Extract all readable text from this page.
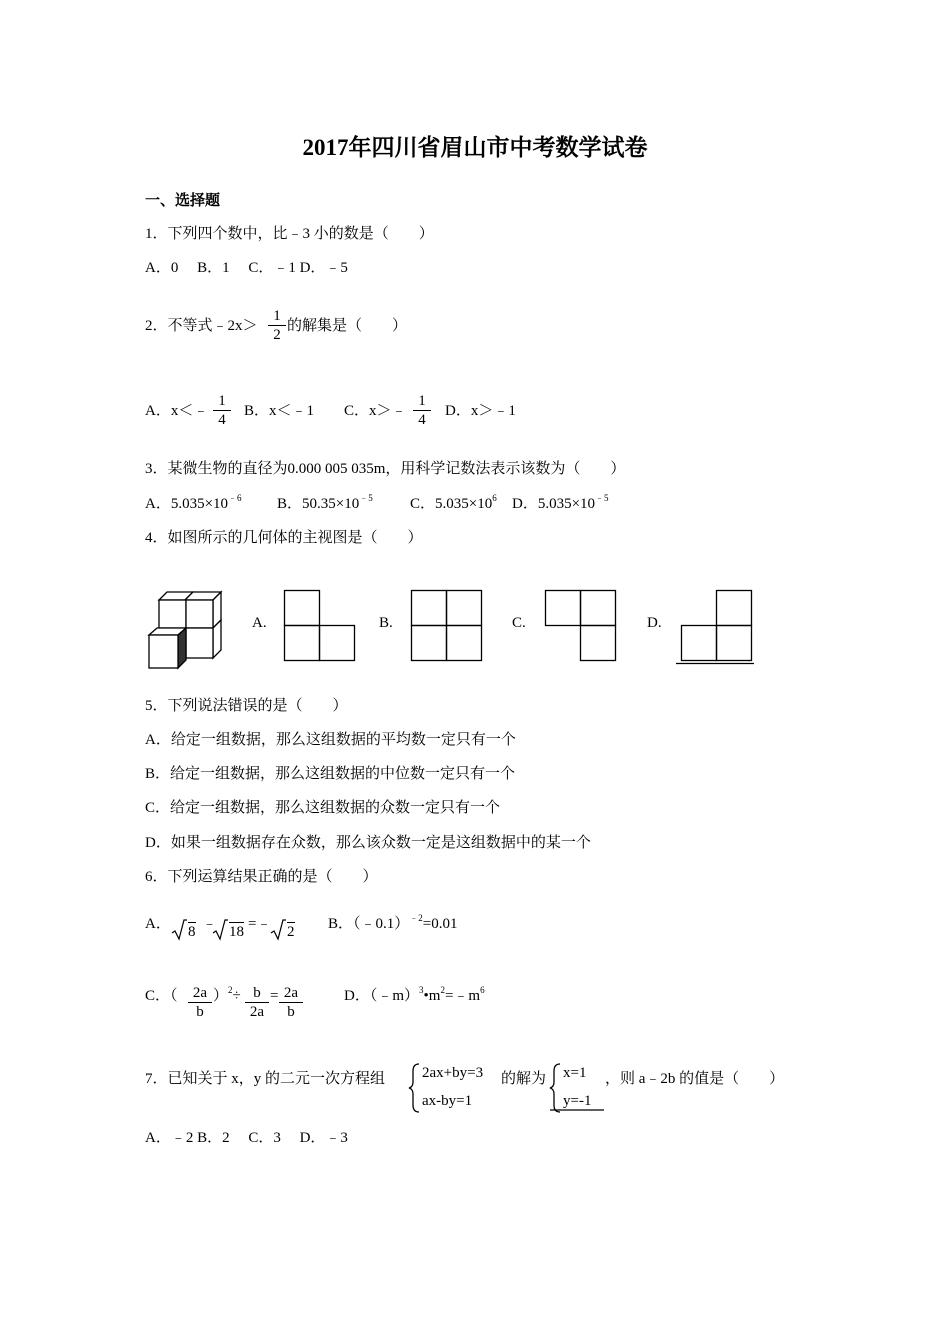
2017年四川省眉山市中考数学试卷
一、选择题
1．下列四个数中，比﹣3 小的数是（　　）
A．0　 B．1　 C．﹣1 D．﹣5
2．不等式﹣2x＞ $\frac{1}{2}$ 的解集是（　　）
A．x＜﹣ $\frac{1}{4}$ B．x＜﹣1 C．x＞﹣ $\frac{1}{4}$ D．x＞﹣1
3．某微生物的直径为0.000 005 035m，用科学记数法表示该数为（　　）
A．$5.035\times 10^{﹣6}$ B．$50.35\times 10^{﹣5}$ C．$5.035\times 10^6$ D．$5.035\times 10^{﹣5}$
4．如图所示的几何体的主视图是（　　）
A.	B.	C.	D.
5．下列说法错误的是（　　）
A．给定一组数据，那么这组数据的平均数一定只有一个
B．给定一组数据，那么这组数据的中位数一定只有一个
C．给定一组数据，那么这组数据的众数一定只有一个
D．如果一组数据存在众数，那么该众数一定是这组数据中的某一个
6．下列运算结果正确的是（　　）
A． 8 ﹣ 18 =﹣ 2 B．（﹣0.1）$^{﹣2}$=0.01
C．（ $\frac{2a}{b} )^2\div \frac{b}{2a} = \frac{2a}{b}$	D．$(﹣m)^3•m^2=﹣m^6$
7．已知关于 x，y 的二元一次方程组 2ax+by=3
ax-by=1
的解为 x=1
y=-1
，则 a﹣2b 的值是（　　）
A．﹣2 B．2　 C．3　 D．﹣3
